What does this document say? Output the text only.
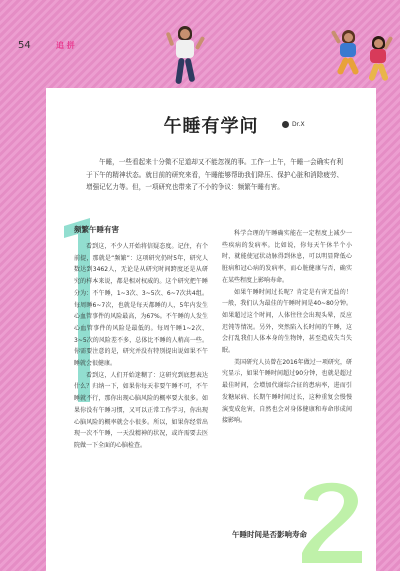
54	追 拼
午睡有学问	Dr.X

午睡，一些看起来十分微不足道却又不能忽视的事。工作一上午，午睡一会确实有利于下午的精神状态。就目前的研究来看，午睡能够帮助我们降压、保护心脏和消除疲劳、增强记忆力等。但，一项研究也带来了不小的争议：频繁午睡有害。

频繁午睡有害

看到这，不少人开始将信疑态度。记住，有个前提，那就是“频繁”：这项研究仍时5年，研究人数达到3462人，无论是从研究时间跨度还是从研究的样本来说，都是相对权威的。这个研究把午睡分为：不午睡，1~3次、3~5次、6~7次共4组。每周睡6~7次，也就是每天都睡的人，5年内发生心血管事件的风险最高，为67%。不午睡的人发生心血管事件的风险是最低的。每周午睡1~2次、3~5次的风险差不多，总体比不睡的人稍高一些。你需要注意的是，研究并没有特别提出说如果不午睡就会很健康。

看到这，人们开始迷糊了：这研究到底想表达什么？归纳一下，如果你每天非要午睡不可，不午睡就不行，那你出现心脑风险的概率要大很多。如果你没有午睡习惯，又可以正常工作学习，你出现心脑风险的概率就会小很多。所以，如果你经常出现一次不午睡，一天没精神的状况，或许需要去医院做一下全面的心脑检查。

科学合理的午睡确实能在一定程度上减少一些疾病的发病率。比如说，你每天午休半个小时，就能使冠状动脉得到休息，可以明显降低心脏病和冠心病的发病率，而心脏健康与否，确实在某些程度上影响寿命。

如果午睡时间过长呢？肯定是有害无益的！一般，我们认为最佳的午睡时间是40~80分钟。如果超过这个时间，人体往往会出现头晕，反应迟钝等情况。另外，突然陷入长时间的午睡，这会打乱我们人体本身的生物钟，甚至造成失当失眠。

美国研究人员曾在2016年做过一项研究，研究显示，如果午睡时间超过90分钟，也就是超过最佳时间，会增加代谢综合征的患病率，进而引发糖尿病、长期午睡时间过长，这种重复会慢慢演变成危害，自然也会对身体健康和寿命形成间接影响。

午睡时间是否影响寿命
